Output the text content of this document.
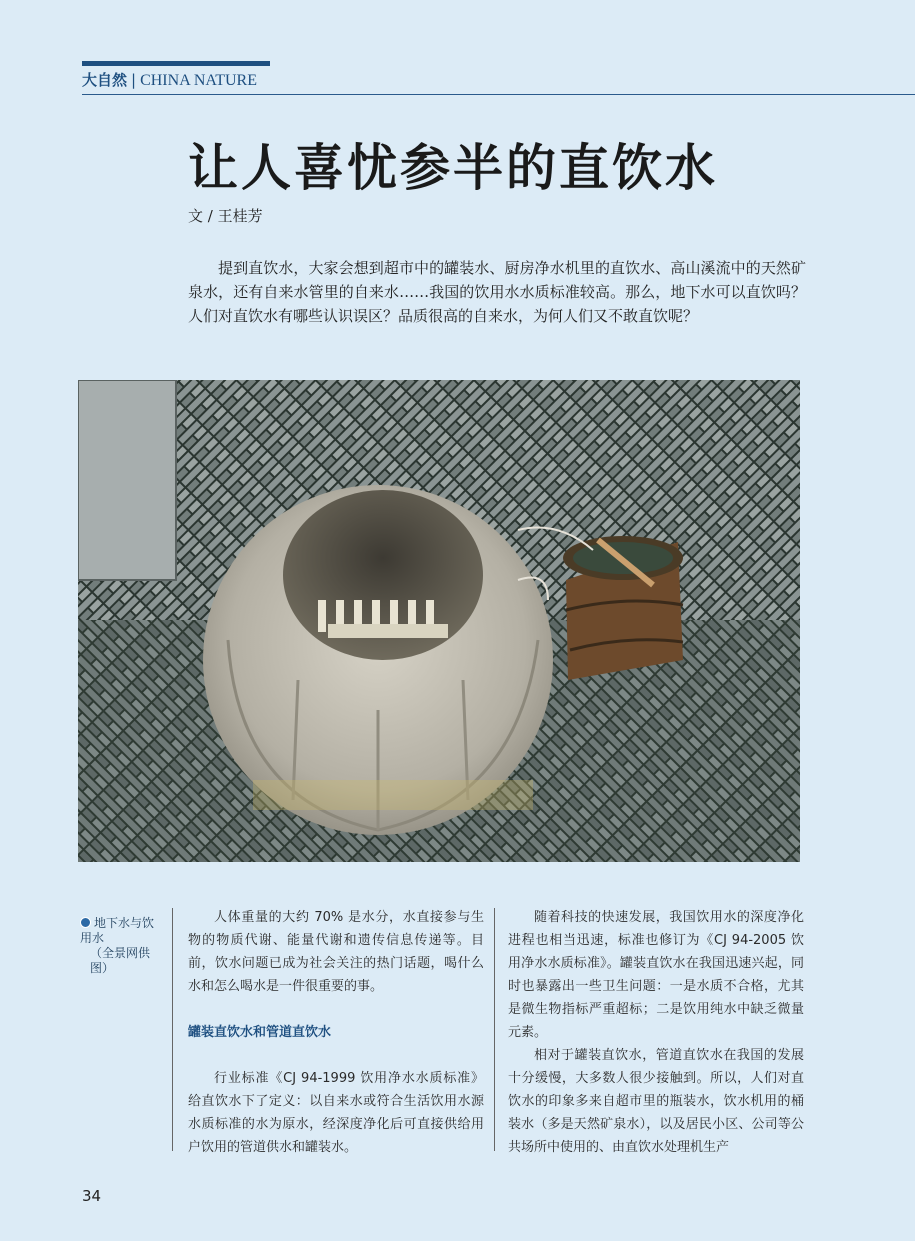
大自然 | CHINA NATURE
让人喜忧参半的直饮水
文 / 王桂芳

提到直饮水，大家会想到超市中的罐装水、厨房净水机里的直饮水、高山溪流中的天然矿泉水，还有自来水管里的自来水……我国的饮用水水质标准较高。那么，地下水可以直饮吗？人们对直饮水有哪些认识误区？品质很高的自来水，为何人们又不敢直饮呢？

地下水与饮用水
（全景网供图）

人体重量的大约 70% 是水分，水直接参与生物的物质代谢、能量代谢和遗传信息传递等。目前，饮水问题已成为社会关注的热门话题，喝什么水和怎么喝水是一件很重要的事。

罐装直饮水和管道直饮水

行业标准《CJ 94-1999 饮用净水水质标准》给直饮水下了定义：以自来水或符合生活饮用水源水质标准的水为原水，经深度净化后可直接供给用户饮用的管道供水和罐装水。

随着科技的快速发展，我国饮用水的深度净化进程也相当迅速，标准也修订为《CJ 94-2005 饮用净水水质标准》。罐装直饮水在我国迅速兴起，同时也暴露出一些卫生问题：一是水质不合格，尤其是微生物指标严重超标；二是饮用纯水中缺乏微量元素。

相对于罐装直饮水，管道直饮水在我国的发展十分缓慢，大多数人很少接触到。所以，人们对直饮水的印象多来自超市里的瓶装水，饮水机用的桶装水（多是天然矿泉水），以及居民小区、公司等公共场所中使用的、由直饮水处理机生产

34
